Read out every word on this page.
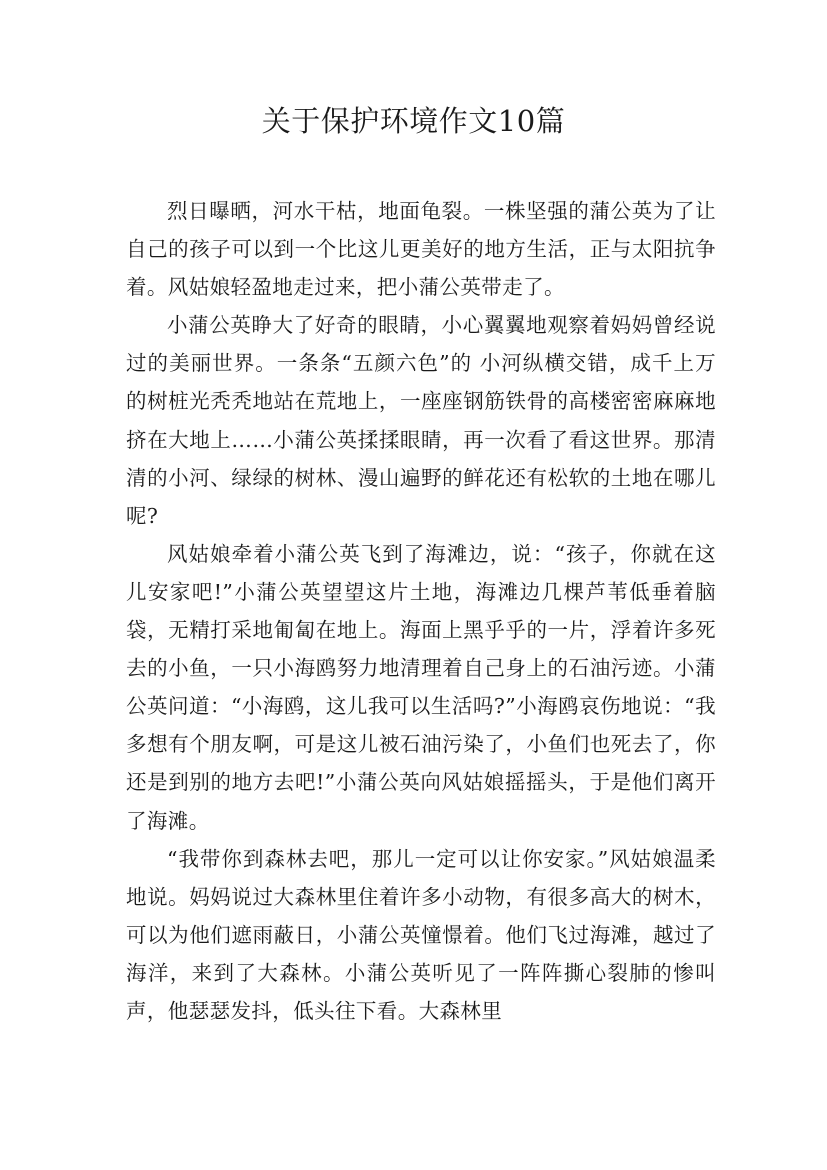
关于保护环境作文10篇

烈日曝晒，河水干枯，地面龟裂。一株坚强的蒲公英为了让自己的孩子可以到一个比这儿更美好的地方生活，正与太阳抗争着。风姑娘轻盈地走过来，把小蒲公英带走了。

小蒲公英睁大了好奇的眼睛，小心翼翼地观察着妈妈曾经说过的美丽世界。一条条“五颜六色”的 小河纵横交错，成千上万的树桩光秃秃地站在荒地上，一座座钢筋铁骨的高楼密密麻麻地挤在大地上……小蒲公英揉揉眼睛，再一次看了看这世界。那清清的小河、绿绿的树林、漫山遍野的鲜花还有松软的土地在哪儿呢?

风姑娘牵着小蒲公英飞到了海滩边，说：“孩子，你就在这儿安家吧!”小蒲公英望望这片土地，海滩边几棵芦苇低垂着脑袋，无精打采地匍匐在地上。海面上黑乎乎的一片，浮着许多死去的小鱼，一只小海鸥努力地清理着自己身上的石油污迹。小蒲公英问道：“小海鸥，这儿我可以生活吗?”小海鸥哀伤地说：“我多想有个朋友啊，可是这儿被石油污染了，小鱼们也死去了，你还是到别的地方去吧!”小蒲公英向风姑娘摇摇头，于是他们离开了海滩。

“我带你到森林去吧，那儿一定可以让你安家。”风姑娘温柔地说。妈妈说过大森林里住着许多小动物，有很多高大的树木，可以为他们遮雨蔽日，小蒲公英憧憬着。他们飞过海滩，越过了海洋，来到了大森林。小蒲公英听见了一阵阵撕心裂肺的惨叫声，他瑟瑟发抖，低头往下看。大森林里
